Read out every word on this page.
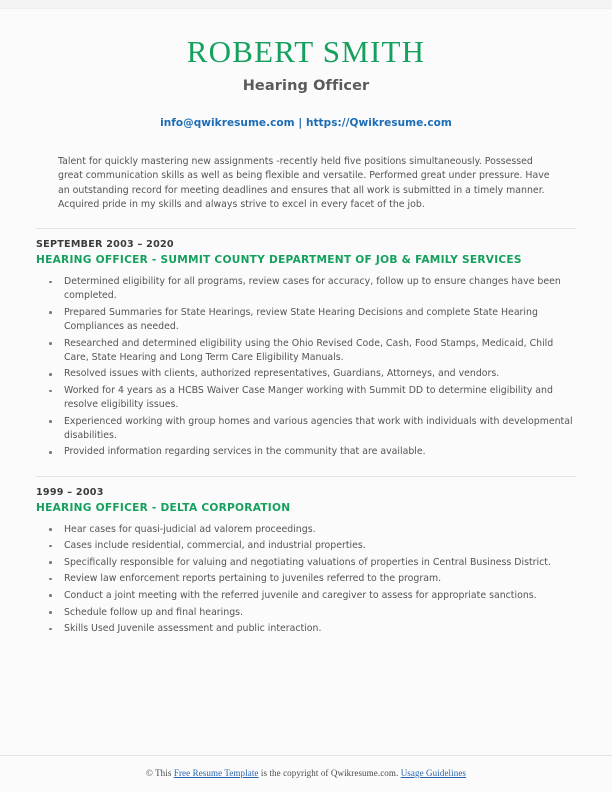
ROBERT SMITH
Hearing Officer
info@qwikresume.com | https://Qwikresume.com
Talent for quickly mastering new assignments -recently held five positions simultaneously. Possessed great communication skills as well as being flexible and versatile. Performed great under pressure. Have an outstanding record for meeting deadlines and ensures that all work is submitted in a timely manner. Acquired pride in my skills and always strive to excel in every facet of the job.
SEPTEMBER 2003 – 2020
HEARING OFFICER - SUMMIT COUNTY DEPARTMENT OF JOB & FAMILY SERVICES
Determined eligibility for all programs, review cases for accuracy, follow up to ensure changes have been completed.
Prepared Summaries for State Hearings, review State Hearing Decisions and complete State Hearing Compliances as needed.
Researched and determined eligibility using the Ohio Revised Code, Cash, Food Stamps, Medicaid, Child Care, State Hearing and Long Term Care Eligibility Manuals.
Resolved issues with clients, authorized representatives, Guardians, Attorneys, and vendors.
Worked for 4 years as a HCBS Waiver Case Manger working with Summit DD to determine eligibility and resolve eligibility issues.
Experienced working with group homes and various agencies that work with individuals with developmental disabilities.
Provided information regarding services in the community that are available.
1999 – 2003
HEARING OFFICER - DELTA CORPORATION
Hear cases for quasi-judicial ad valorem proceedings.
Cases include residential, commercial, and industrial properties.
Specifically responsible for valuing and negotiating valuations of properties in Central Business District.
Review law enforcement reports pertaining to juveniles referred to the program.
Conduct a joint meeting with the referred juvenile and caregiver to assess for appropriate sanctions.
Schedule follow up and final hearings.
Skills Used Juvenile assessment and public interaction.
© This Free Resume Template is the copyright of Qwikresume.com. Usage Guidelines
